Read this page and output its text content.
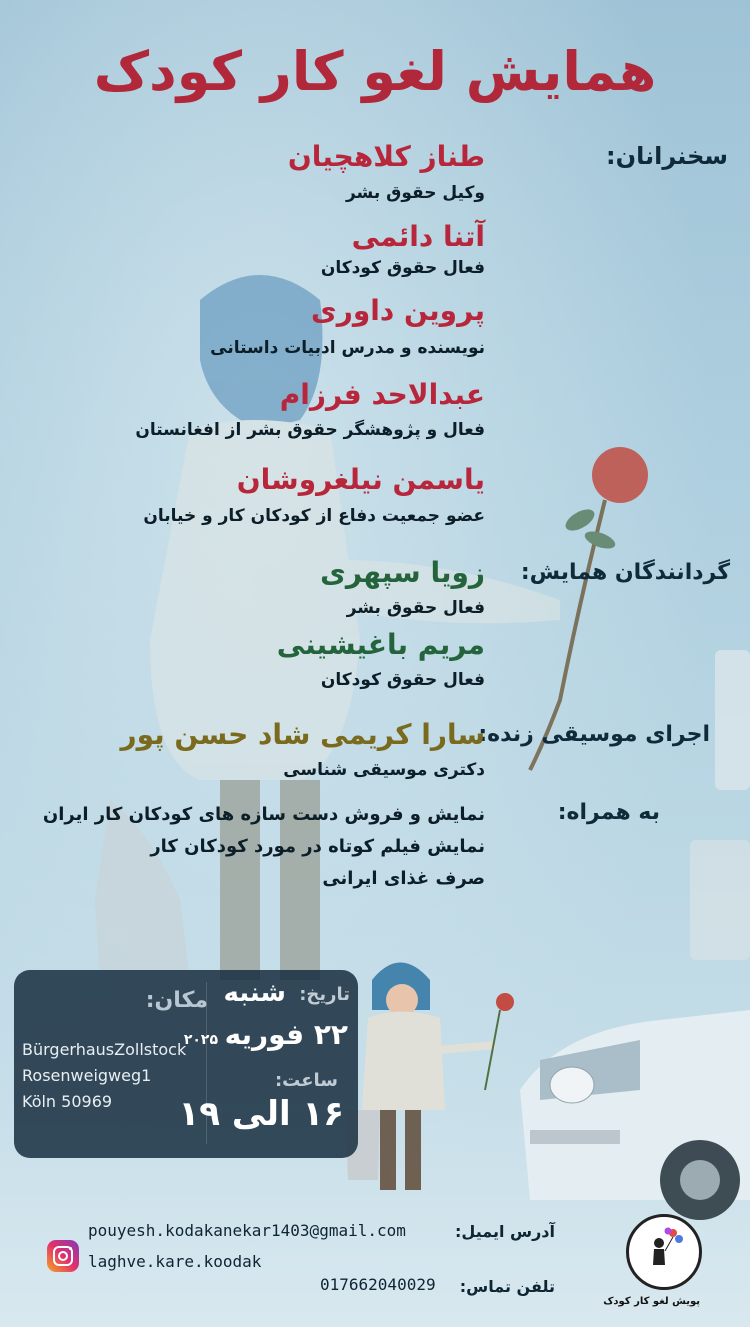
همایش لغو کار کودک
سخنرانان:
طناز کلاهچیان
وکیل حقوق بشر
آتنا دائمی
فعال حقوق کودکان
پروین داوری
نویسنده و مدرس ادبیات داستانی
عبدالاحد فرزام
فعال و پژوهشگر حقوق بشر از افغانستان
یاسمن نیلغروشان
عضو جمعیت دفاع از کودکان کار و خیابان
گردانندگان همایش:
زویا سپهری
فعال حقوق بشر
مریم باغیشینی
فعال حقوق کودکان
اجرای موسیقی زنده:
سارا کریمی شاد حسن پور
دکتری موسیقی شناسی
به همراه:
نمایش و فروش دست سازه های کودکان کار ایران
نمایش فیلم کوتاه در مورد کودکان کار
صرف غذای ایرانی
مکان:
BürgerhausZollstock
Rosenweigweg1
Köln 50969
تاریخ:
شنبه
۲۲ فوریه
۲۰۲۵
ساعت:
۱۶ الی ۱۹
آدرس ایمیل:
pouyesh.kodakanekar1403@gmail.com
laghve.kare.koodak
تلفن تماس:
017662040029
پویش لغو کار کودک
